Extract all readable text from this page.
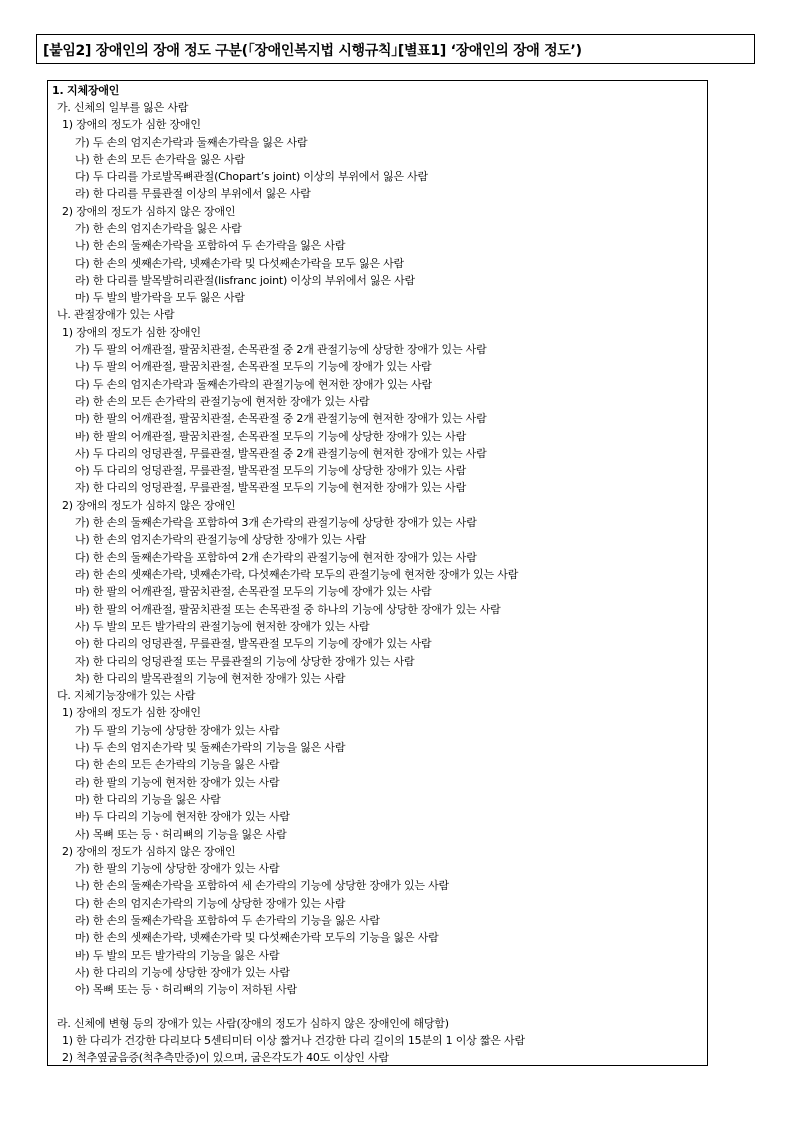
[붙임2] 장애인의 장애 정도 구분(｢장애인복지법 시행규칙｣[별표1] ‘장애인의 장애 정도’)
1. 지체장애인
가. 신체의 일부를 잃은 사람
1) 장애의 정도가 심한 장애인
가) 두 손의 엄지손가락과 둘째손가락을 잃은 사람
나) 한 손의 모든 손가락을 잃은 사람
다) 두 다리를 가로발목뼈관절(Chopart’s joint) 이상의 부위에서 잃은 사람
라) 한 다리를 무릎관절 이상의 부위에서 잃은 사람
2) 장애의 정도가 심하지 않은 장애인
가) 한 손의 엄지손가락을 잃은 사람
나) 한 손의 둘째손가락을 포함하여 두 손가락을 잃은 사람
다) 한 손의 셋째손가락, 넷째손가락 및 다섯째손가락을 모두 잃은 사람
라) 한 다리를 발목발허리관절(lisfranc joint) 이상의 부위에서 잃은 사람
마) 두 발의 발가락을 모두 잃은 사람
나. 관절장애가 있는 사람
1) 장애의 정도가 심한 장애인
가) 두 팔의 어깨관절, 팔꿈치관절, 손목관절 중 2개 관절기능에 상당한 장애가 있는 사람
나) 두 팔의 어깨관절, 팔꿈치관절, 손목관절 모두의 기능에 장애가 있는 사람
다) 두 손의 엄지손가락과 둘째손가락의 관절기능에 현저한 장애가 있는 사람
라) 한 손의 모든 손가락의 관절기능에 현저한 장애가 있는 사람
마) 한 팔의 어깨관절, 팔꿈치관절, 손목관절 중 2개 관절기능에 현저한 장애가 있는 사람
바) 한 팔의 어깨관절, 팔꿈치관절, 손목관절 모두의 기능에 상당한 장애가 있는 사람
사) 두 다리의 엉덩관절, 무릎관절, 발목관절 중 2개 관절기능에 현저한 장애가 있는 사람
아) 두 다리의 엉덩관절, 무릎관절, 발목관절 모두의 기능에 상당한 장애가 있는 사람
자) 한 다리의 엉덩관절, 무릎관절, 발목관절 모두의 기능에 현저한 장애가 있는 사람
2) 장애의 정도가 심하지 않은 장애인
가) 한 손의 둘째손가락을 포함하여 3개 손가락의 관절기능에 상당한 장애가 있는 사람
나) 한 손의 엄지손가락의 관절기능에 상당한 장애가 있는 사람
다) 한 손의 둘째손가락을 포함하여 2개 손가락의 관절기능에 현저한 장애가 있는 사람
라) 한 손의 셋째손가락, 넷째손가락, 다섯째손가락 모두의 관절기능에 현저한 장애가 있는 사람
마) 한 팔의 어깨관절, 팔꿈치관절, 손목관절 모두의 기능에 장애가 있는 사람
바) 한 팔의 어깨관절, 팔꿈치관절 또는 손목관절 중 하나의 기능에 상당한 장애가 있는 사람
사) 두 발의 모든 발가락의 관절기능에 현저한 장애가 있는 사람
아) 한 다리의 엉덩관절, 무릎관절, 발목관절 모두의 기능에 장애가 있는 사람
자) 한 다리의 엉덩관절 또는 무릎관절의 기능에 상당한 장애가 있는 사람
차) 한 다리의 발목관절의 기능에 현저한 장애가 있는 사람
다. 지체기능장애가 있는 사람
1) 장애의 정도가 심한 장애인
가) 두 팔의 기능에 상당한 장애가 있는 사람
나) 두 손의 엄지손가락 및 둘째손가락의 기능을 잃은 사람
다) 한 손의 모든 손가락의 기능을 잃은 사람
라) 한 팔의 기능에 현저한 장애가 있는 사람
마) 한 다리의 기능을 잃은 사람
바) 두 다리의 기능에 현저한 장애가 있는 사람
사) 목뼈 또는 등ㆍ허리뼈의 기능을 잃은 사람
2) 장애의 정도가 심하지 않은 장애인
가) 한 팔의 기능에 상당한 장애가 있는 사람
나) 한 손의 둘째손가락을 포함하여 세 손가락의 기능에 상당한 장애가 있는 사람
다) 한 손의 엄지손가락의 기능에 상당한 장애가 있는 사람
라) 한 손의 둘째손가락을 포함하여 두 손가락의 기능을 잃은 사람
마) 한 손의 셋째손가락, 넷째손가락 및 다섯째손가락 모두의 기능을 잃은 사람
바) 두 발의 모든 발가락의 기능을 잃은 사람
사) 한 다리의 기능에 상당한 장애가 있는 사람
아) 목뼈 또는 등ㆍ허리뼈의 기능이 저하된 사람
라. 신체에 변형 등의 장애가 있는 사람(장애의 정도가 심하지 않은 장애인에 해당함)
1) 한 다리가 건강한 다리보다 5센티미터 이상 짧거나 건강한 다리 길이의 15분의 1 이상 짧은 사람
2) 척추옆굽음증(척추측만증)이 있으며, 굽은각도가 40도 이상인 사람
